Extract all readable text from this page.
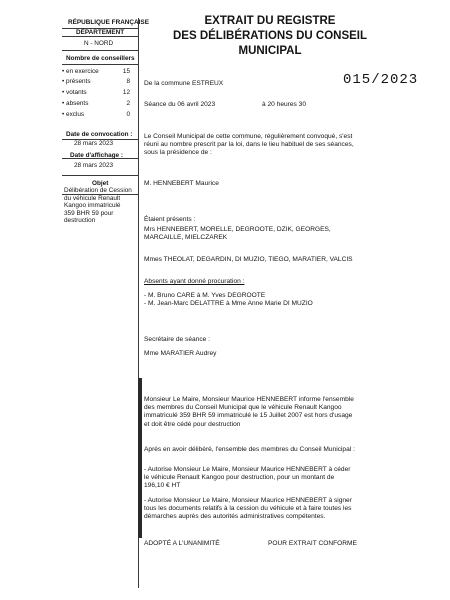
RÉPUBLIQUE FRANÇAISE
DÉPARTEMENT
N - NORD
Nombre de conseillers
• en exercice	15
• présents	8
• votants	12
• absents	2
• exclus	0
Date de convocation :
28 mars 2023
Date d'affichage :
28 mars 2023
Objet
Délibération de Cession
du véhicule Renault
Kangoo immatriculé
359 BHR 59 pour
destruction
EXTRAIT DU REGISTRE
DES DÉLIBÉRATIONS DU CONSEIL
MUNICIPAL
015/2023
De la commune ESTREUX
Séance du 06 avril 2023	à 20 heures 30
Le Conseil Municipal de cette commune, régulièrement convoqué, s'est
réuni au nombre prescrit par la loi, dans le lieu habituel de ses séances,
sous la présidence de :
M. HENNEBERT Maurice
Étaient présents :
Mrs HENNEBERT, MORELLE, DEGROOTE, DZIK, GEORGES,
MARCAILLE, MIELCZAREK
Mmes THEOLAT, DEGARDIN, DI MUZIO, TIEGO, MARATIER, VALCIS
Absents ayant donné procuration :
- M. Bruno CARE à M. Yves DEGROOTE
- M. Jean-Marc DELATTRE à Mme Anne Marie DI MUZIO
Secrétaire de séance :
Mme MARATIER Audrey
Monsieur Le Maire, Monsieur Maurice HENNEBERT informe l'ensemble
des membres du Conseil Municipal que le véhicule Renault Kangoo
immatriculé 359 BHR 59 immatriculé le 15 Juillet 2007 est hors d'usage
et doit être cédé pour destruction
Après en avoir délibéré, l'ensemble des membres du Conseil Municipal :
- Autorise Monsieur Le Maire, Monsieur Maurice HENNEBERT à céder
le véhicule Renault Kangoo pour destruction, pour un montant de
196,10 € HT
- Autorise Monsieur Le Maire, Monsieur Maurice HENNEBERT à signer
tous les documents relatifs à la cession du véhicule et à faire toutes les
démarches auprès des autorités administratives compétentes.
ADOPTÉ A L'UNANIMITÉ	POUR EXTRAIT CONFORME
